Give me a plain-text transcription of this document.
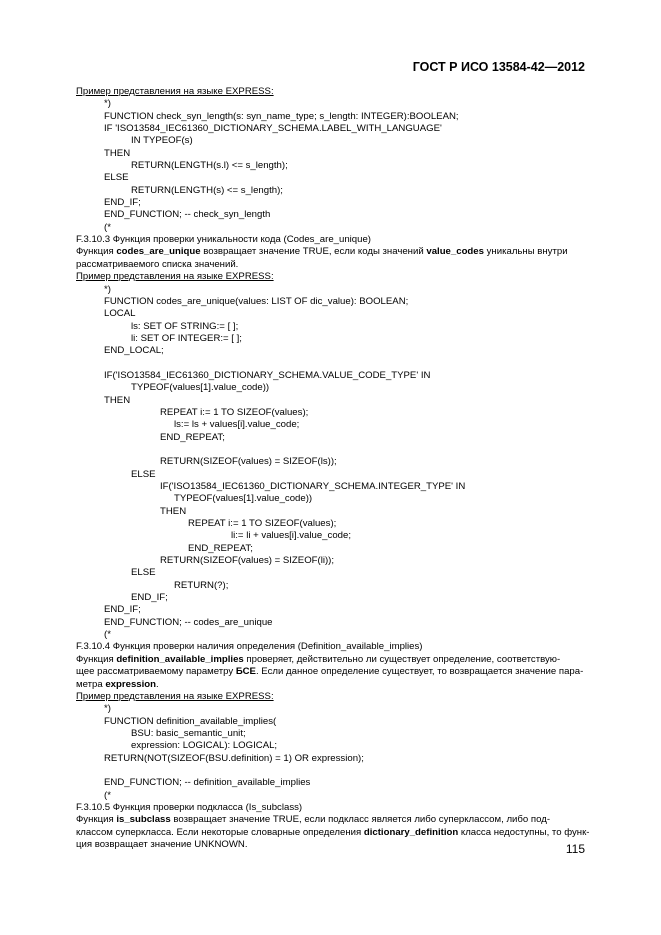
ГОСТ Р ИСО 13584-42—2012
Пример представления на языке EXPRESS:
*)
FUNCTION check_syn_length(s: syn_name_type; s_length: INTEGER):BOOLEAN;
IF 'ISO13584_IEC61360_DICTIONARY_SCHEMA.LABEL_WITH_LANGUAGE'
IN TYPEOF(s)
THEN
RETURN(LENGTH(s.l) <= s_length);
ELSE
RETURN(LENGTH(s) <= s_length);
END_IF;
END_FUNCTION; -- check_syn_length
(*
F.3.10.3 Функция проверки уникальности кода (Codes_are_unique)
Функция codes_are_unique возвращает значение TRUE, если коды значений value_codes уникальны внутри
рассматриваемого списка значений.
Пример представления на языке EXPRESS:
*)
FUNCTION codes_are_unique(values: LIST OF dic_value): BOOLEAN;
LOCAL
ls: SET OF STRING:= [ ];
li: SET OF INTEGER:= [ ];
END_LOCAL;
IF('ISO13584_IEC61360_DICTIONARY_SCHEMA.VALUE_CODE_TYPE' IN
TYPEOF(values[1].value_code))
THEN
REPEAT i:= 1 TO SIZEOF(values);
ls:= ls + values[i].value_code;
END_REPEAT;
RETURN(SIZEOF(values) = SIZEOF(ls));
ELSE
IF('ISO13584_IEC61360_DICTIONARY_SCHEMA.INTEGER_TYPE' IN
TYPEOF(values[1].value_code))
THEN
REPEAT i:= 1 TO SIZEOF(values);
li:= li + values[i].value_code;
END_REPEAT;
RETURN(SIZEOF(values) = SIZEOF(li));
ELSE
RETURN(?);
END_IF;
END_IF;
END_FUNCTION; -- codes_are_unique
(*
F.3.10.4 Функция проверки наличия определения (Definition_available_implies)
Функция definition_available_implies проверяет, действительно ли существует определение, соответствую-
щее рассматриваемому параметру БСЕ. Если данное определение существует, то возвращается значение пара-
метра expression.
Пример представления на языке EXPRESS:
*)
FUNCTION definition_available_implies(
BSU: basic_semantic_unit;
expression: LOGICAL): LOGICAL;
RETURN(NOT(SIZEOF(BSU.definition) = 1) OR expression);
END_FUNCTION; -- definition_available_implies
(*
F.3.10.5 Функция проверки подкласса (Is_subclass)
Функция is_subclass возвращает значение TRUE, если подкласс является либо суперклассом, либо под-
классом суперкласса. Если некоторые словарные определения dictionary_definition класса недоступны, то функ-
ция возвращает значение UNKNOWN.	115
